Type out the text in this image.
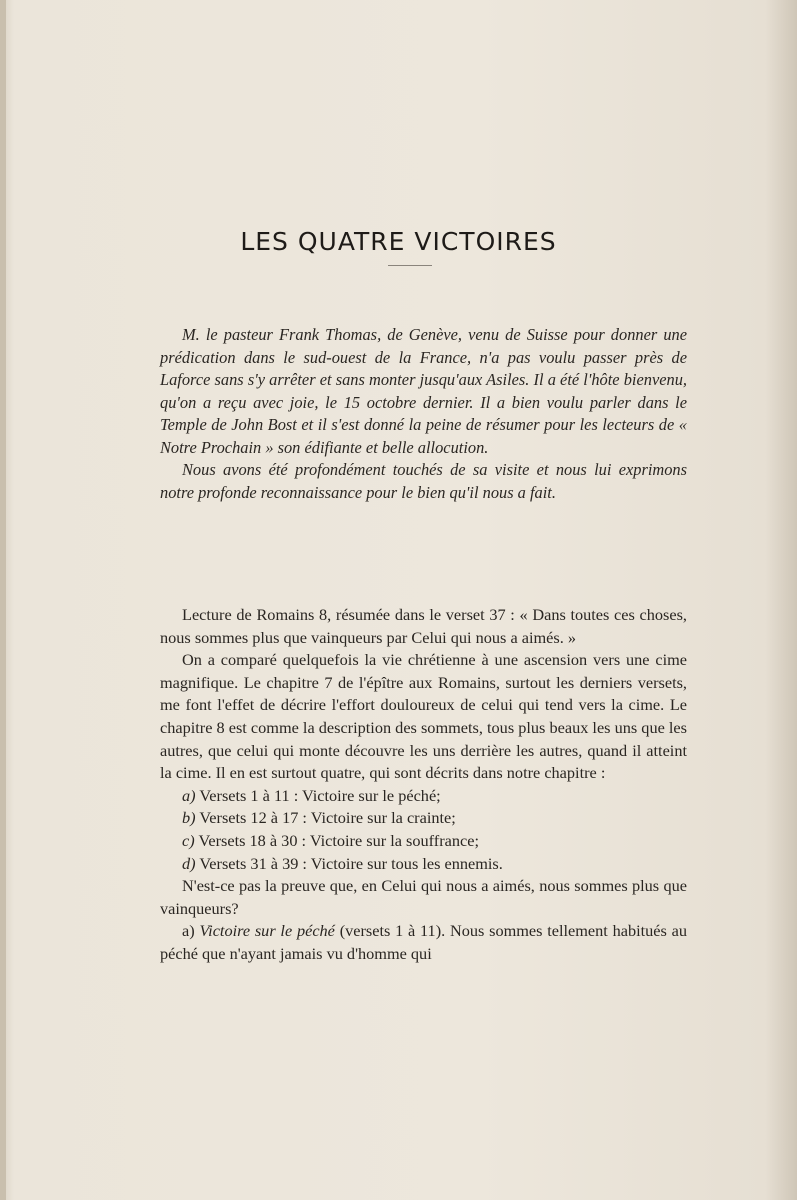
LES QUATRE VICTOIRES

M. le pasteur Frank Thomas, de Genève, venu de Suisse pour donner une prédication dans le sud-ouest de la France, n'a pas voulu passer près de Laforce sans s'y arrêter et sans monter jusqu'aux Asiles. Il a été l'hôte bienvenu, qu'on a reçu avec joie, le 15 octobre dernier. Il a bien voulu parler dans le Temple de John Bost et il s'est donné la peine de résumer pour les lecteurs de « Notre Prochain » son édifiante et belle allocution.

Nous avons été profondément touchés de sa visite et nous lui exprimons notre profonde reconnaissance pour le bien qu'il nous a fait.

Lecture de Romains 8, résumée dans le verset 37 : « Dans toutes ces choses, nous sommes plus que vainqueurs par Celui qui nous a aimés. »

On a comparé quelquefois la vie chrétienne à une ascension vers une cime magnifique. Le chapitre 7 de l'épître aux Romains, surtout les derniers versets, me font l'effet de décrire l'effort douloureux de celui qui tend vers la cime. Le chapitre 8 est comme la description des sommets, tous plus beaux les uns que les autres, que celui qui monte découvre les uns derrière les autres, quand il atteint la cime. Il en est surtout quatre, qui sont décrits dans notre chapitre :

a) Versets 1 à 11 : Victoire sur le péché;

b) Versets 12 à 17 : Victoire sur la crainte;

c) Versets 18 à 30 : Victoire sur la souffrance;

d) Versets 31 à 39 : Victoire sur tous les ennemis.

N'est-ce pas la preuve que, en Celui qui nous a aimés, nous sommes plus que vainqueurs?

a) Victoire sur le péché (versets 1 à 11). Nous sommes tellement habitués au péché que n'ayant jamais vu d'homme qui
